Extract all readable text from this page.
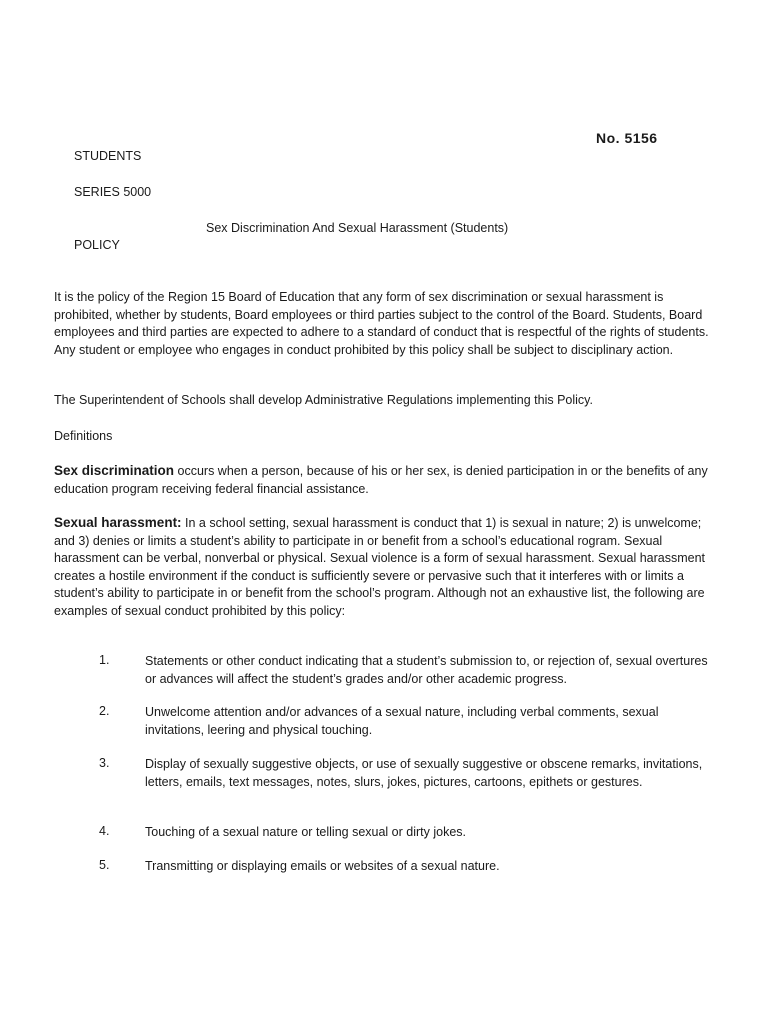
No. 5156
STUDENTS
SERIES 5000
Sex Discrimination And Sexual Harassment (Students)
POLICY
It is the policy of the Region 15 Board of Education that any form of sex discrimination or sexual harassment is prohibited, whether by students, Board employees or third parties subject to the control of the Board. Students, Board employees and third parties are expected to adhere to a standard of conduct that is respectful of the rights of students. Any student or employee who engages in conduct prohibited by this policy shall be subject to disciplinary action.
The Superintendent of Schools shall develop Administrative Regulations implementing this Policy.
Definitions
Sex discrimination occurs when a person, because of his or her sex, is denied participation in or the benefits of any education program receiving federal financial assistance.
Sexual harassment: In a school setting, sexual harassment is conduct that 1) is sexual in nature; 2) is unwelcome; and 3) denies or limits a student’s ability to participate in or benefit from a school’s educational rogram. Sexual harassment can be verbal, nonverbal or physical. Sexual violence is a form of sexual harassment. Sexual harassment creates a hostile environment if the conduct is sufficiently severe or pervasive such that it interferes with or limits a student’s ability to participate in or benefit from the school’s program. Although not an exhaustive list, the following are examples of sexual conduct prohibited by this policy:
1.	Statements or other conduct indicating that a student’s submission to, or rejection of, sexual overtures or advances will affect the student’s grades and/or other academic progress.
2.	Unwelcome attention and/or advances of a sexual nature, including verbal comments, sexual invitations, leering and physical touching.
3.	Display of sexually suggestive objects, or use of sexually suggestive or obscene remarks, invitations, letters, emails, text messages, notes, slurs, jokes, pictures, cartoons, epithets or gestures.
4.	Touching of a sexual nature or telling sexual or dirty jokes.
5.	Transmitting or displaying emails or websites of a sexual nature.
